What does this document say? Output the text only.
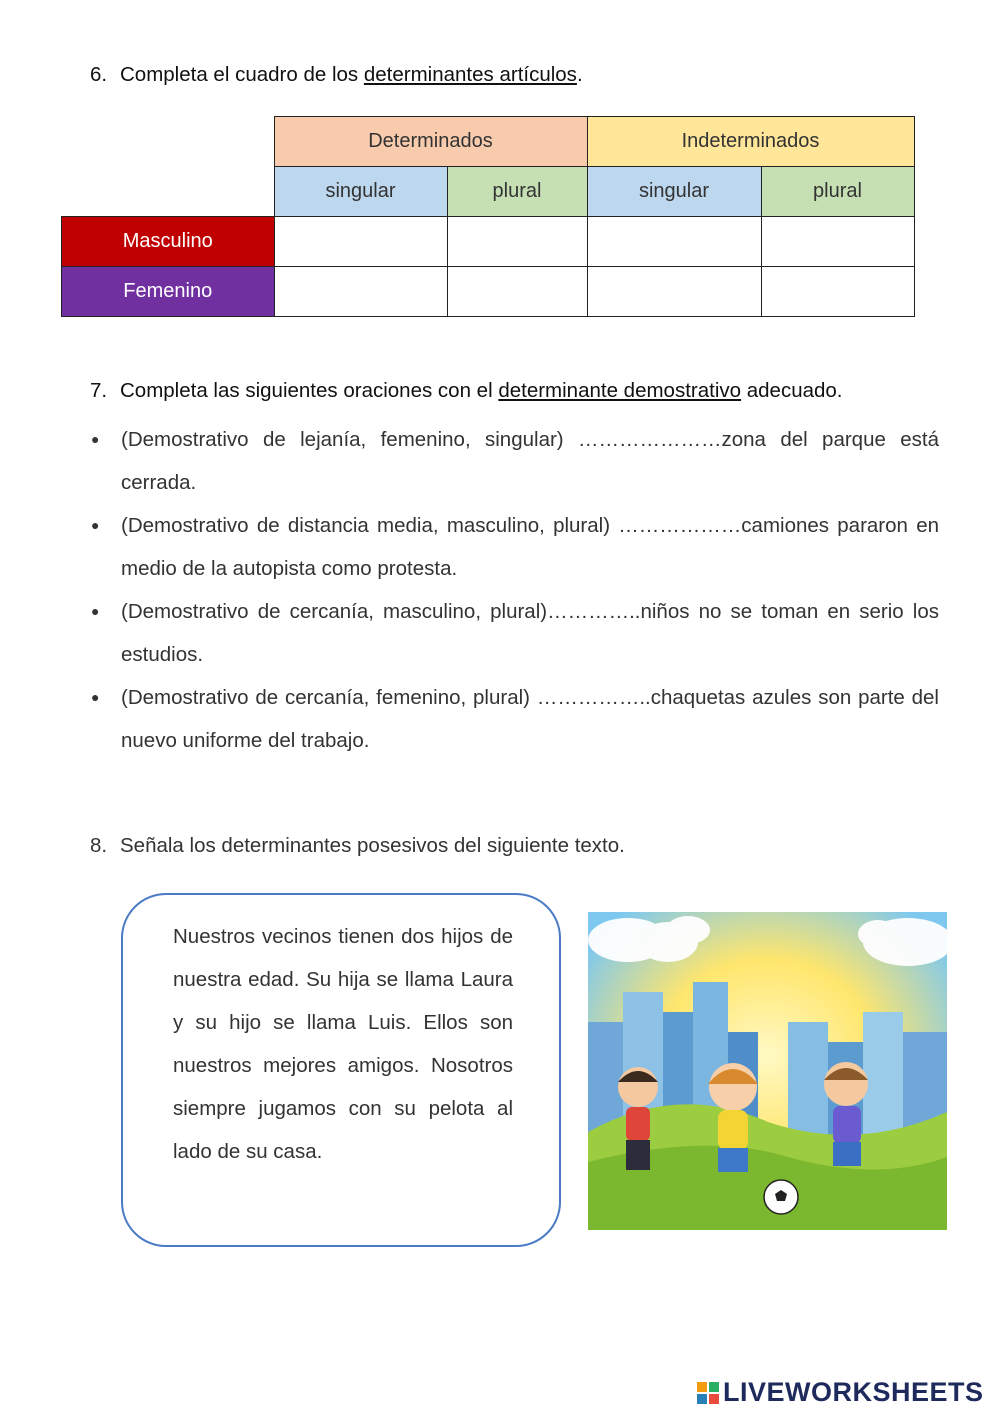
6. Completa el cuadro de los determinantes artículos.
	Determinados		Indeterminados	
	singular	plural	singular	plural
Masculino				
Femenino				
7. Completa las siguientes oraciones con el determinante demostrativo adecuado.
● (Demostrativo de lejanía, femenino, singular) …………………zona del parque está cerrada.
● (Demostrativo de distancia media, masculino, plural) ………………camiones pararon en medio de la autopista como protesta.
● (Demostrativo de cercanía, masculino, plural)…………..niños no se toman en serio los estudios.
● (Demostrativo de cercanía, femenino, plural) ……………..chaquetas azules son parte del nuevo uniforme del trabajo.
8. Señala los determinantes posesivos del siguiente texto.

Nuestros vecinos tienen dos hijos de nuestra edad. Su hija se llama Laura y su hijo se llama Luis. Ellos son nuestros mejores amigos. Nosotros siempre jugamos con su pelota al lado de su casa.

LIVEWORKSHEETS
